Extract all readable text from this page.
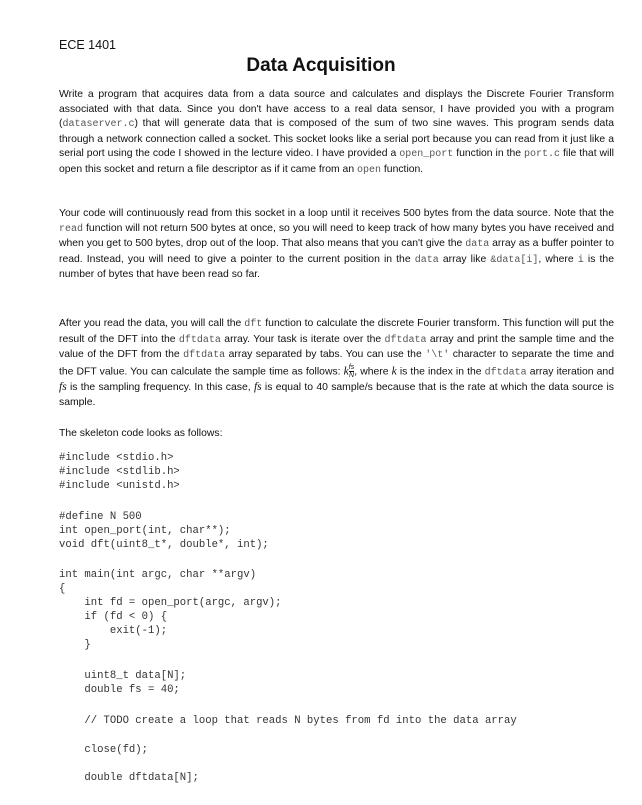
ECE 1401
Data Acquisition

Write a program that acquires data from a data source and calculates and displays the Discrete Fourier Transform associated with that data. Since you don't have access to a real data sensor, I have provided you with a program (dataserver.c) that will generate data that is composed of the sum of two sine waves. This program sends data through a network connection called a socket. This socket looks like a serial port because you can read from it just like a serial port using the code I showed in the lecture video. I have provided a open_port function in the port.c file that will open this socket and return a file descriptor as if it came from an open function.

Your code will continuously read from this socket in a loop until it receives 500 bytes from the data source. Note that the read function will not return 500 bytes at once, so you will need to keep track of how many bytes you have received and when you get to 500 bytes, drop out of the loop. That also means that you can't give the data array as a buffer pointer to read. Instead, you will need to give a pointer to the current position in the data array like &data[i], where i is the number of bytes that have been read so far.

After you read the data, you will call the dft function to calculate the discrete Fourier transform. This function will put the result of the DFT into the dftdata array. Your task is iterate over the dftdata array and print the sample time and the value of the DFT from the dftdata array separated by tabs. You can use the '\t' character to separate the time and the DFT value. You can calculate the sample time as follows: k $\frac{fs}{N}$ , where k is the index in the dftdata array iteration and fs is the sampling frequency. In this case, fs is equal to 40 sample/s because that is the rate at which the data source is sample.

The skeleton code looks as follows:

#include <stdio.h>
#include <stdlib.h>
#include <unistd.h>
#define N 500
int open_port(int, char**);
void dft(uint8_t*, double*, int);
int main(int argc, char **argv)
{
int fd = open_port(argc, argv);
if (fd < 0) {
exit(-1);
}
uint8_t data[N];
double fs = 40;
// TODO create a loop that reads N bytes from fd into the data array
close(fd);
double dftdata[N];
